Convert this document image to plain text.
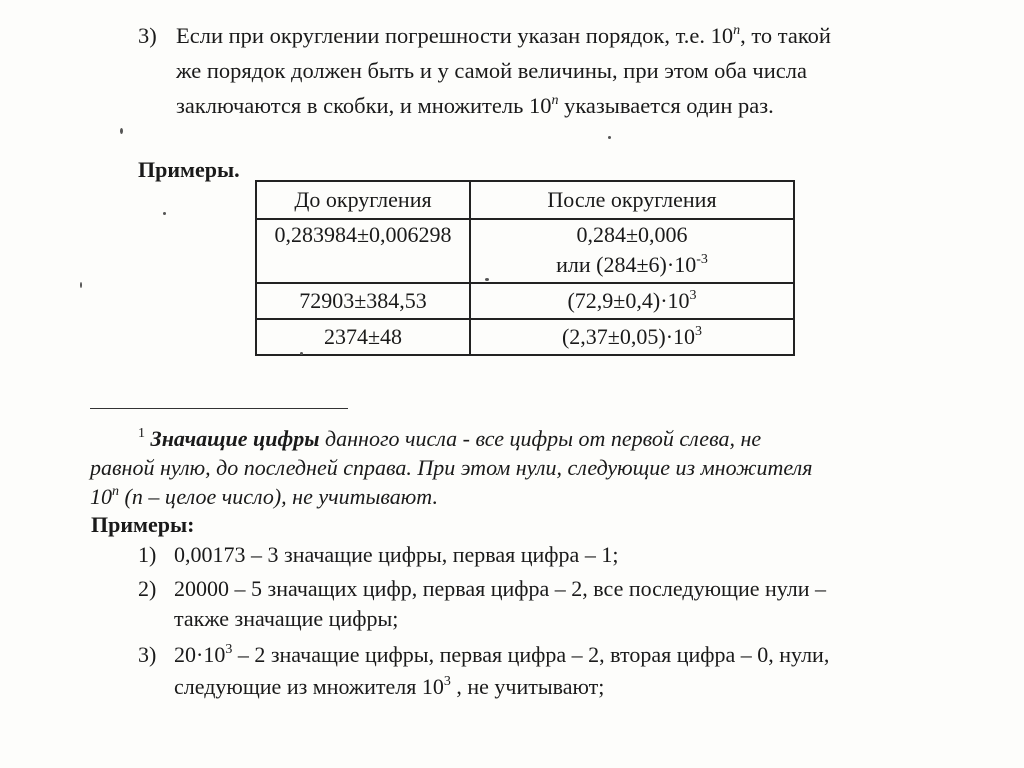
3) Если при округлении погрешности указан порядок, т.е. 10$^n$, то такой
же порядок должен быть и у самой величины, при этом оба числа
заключаются в скобки, и множитель 10$^n$ указывается один раз.
Примеры.
До округления	После округления

0,283984±0,006298	0,284±0,006
или $(284\pm 6)\cdot 10^{-3}$

72903±384,53	$(72,9\pm 0,4)\cdot 10^3$
2374±48	$(2,37\pm 0,05)\cdot 10^3$
$^1$ Значащие цифры данного числа - все цифры от первой слева, не
равной нулю, до последней справа. При этом нули, следующие из множителя
10$^n$ (n – целое число), не учитывают.
Примеры:
1) 0,00173 – 3 значащие цифры, первая цифра – 1;
2) 20000 – 5 значащих цифр, первая цифра – 2, все последующие нули –
также значащие цифры;
3) $20\cdot 10^3 - 2$ значащие цифры, первая цифра – 2, вторая цифра – 0, нули,
следующие из множителя $10^3$ , не учитывают;
